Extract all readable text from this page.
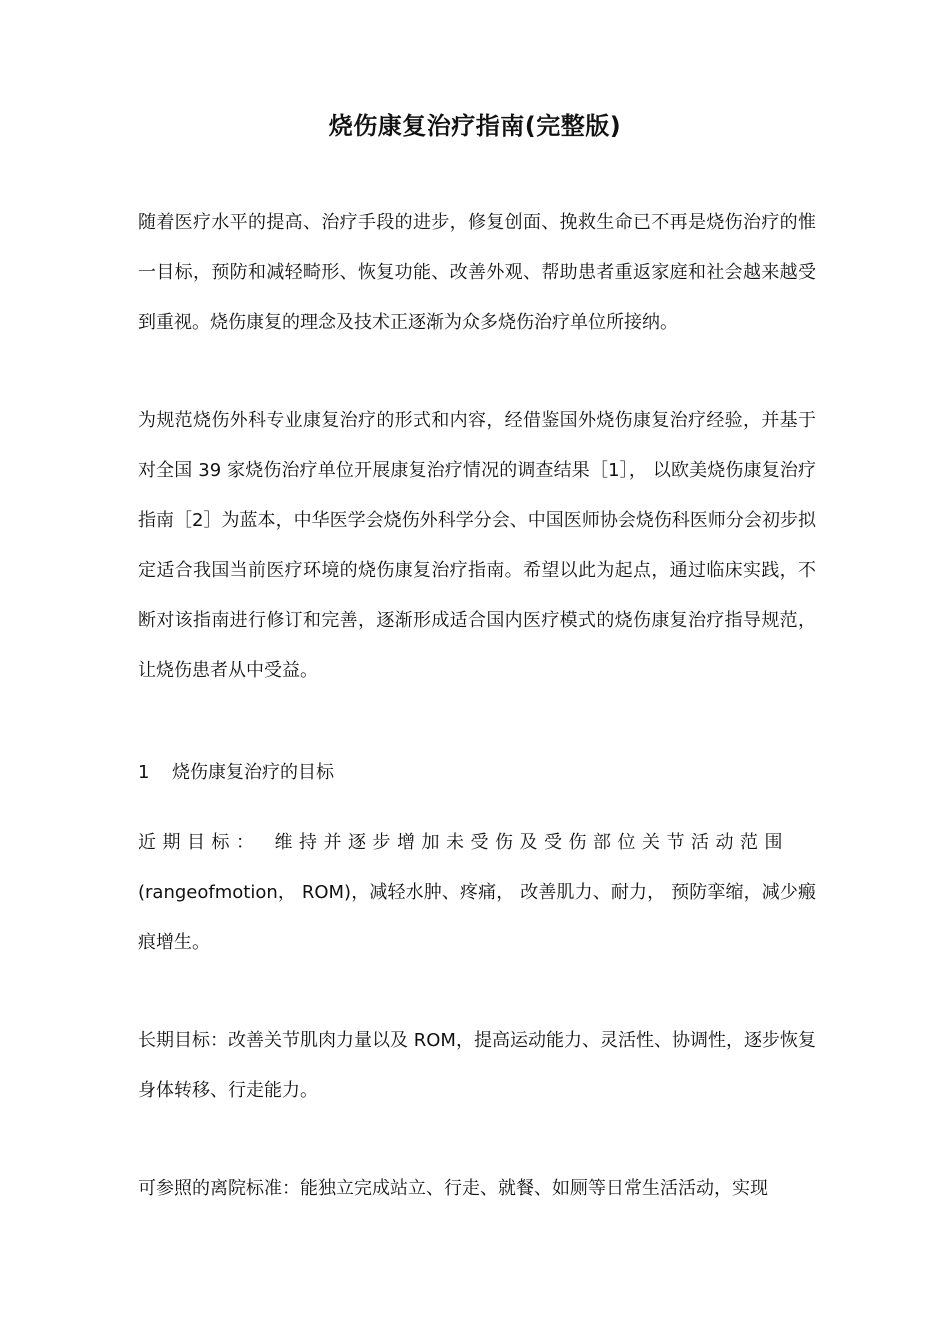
烧伤康复治疗指南(完整版)

随着医疗水平的提高、治疗手段的进步，修复创面、挽救生命已不再是烧伤治疗的惟一目标，预防和减轻畸形、恢复功能、改善外观、帮助患者重返家庭和社会越来越受到重视。烧伤康复的理念及技术正逐渐为众多烧伤治疗单位所接纳。

为规范烧伤外科专业康复治疗的形式和内容，经借鉴国外烧伤康复治疗经验，并基于对全国 39 家烧伤治疗单位开展康复治疗情况的调查结果［1］， 以欧美烧伤康复治疗指南［2］为蓝本，中华医学会烧伤外科学分会、中国医师协会烧伤科医师分会初步拟定适合我国当前医疗环境的烧伤康复治疗指南。希望以此为起点，通过临床实践，不断对该指南进行修订和完善，逐渐形成适合国内医疗模式的烧伤康复治疗指导规范，让烧伤患者从中受益。

1 烧伤康复治疗的目标

近期目标： 维持并逐步增加未受伤及受伤部位关节活动范围
(rangeofmotion， ROM)，减轻水肿、疼痛， 改善肌力、耐力， 预防挛缩，减少瘢痕增生。

长期目标：改善关节肌肉力量以及 ROM，提高运动能力、灵活性、协调性，逐步恢复身体转移、行走能力。

可参照的离院标准：能独立完成站立、行走、就餐、如厕等日常生活活动，实现
